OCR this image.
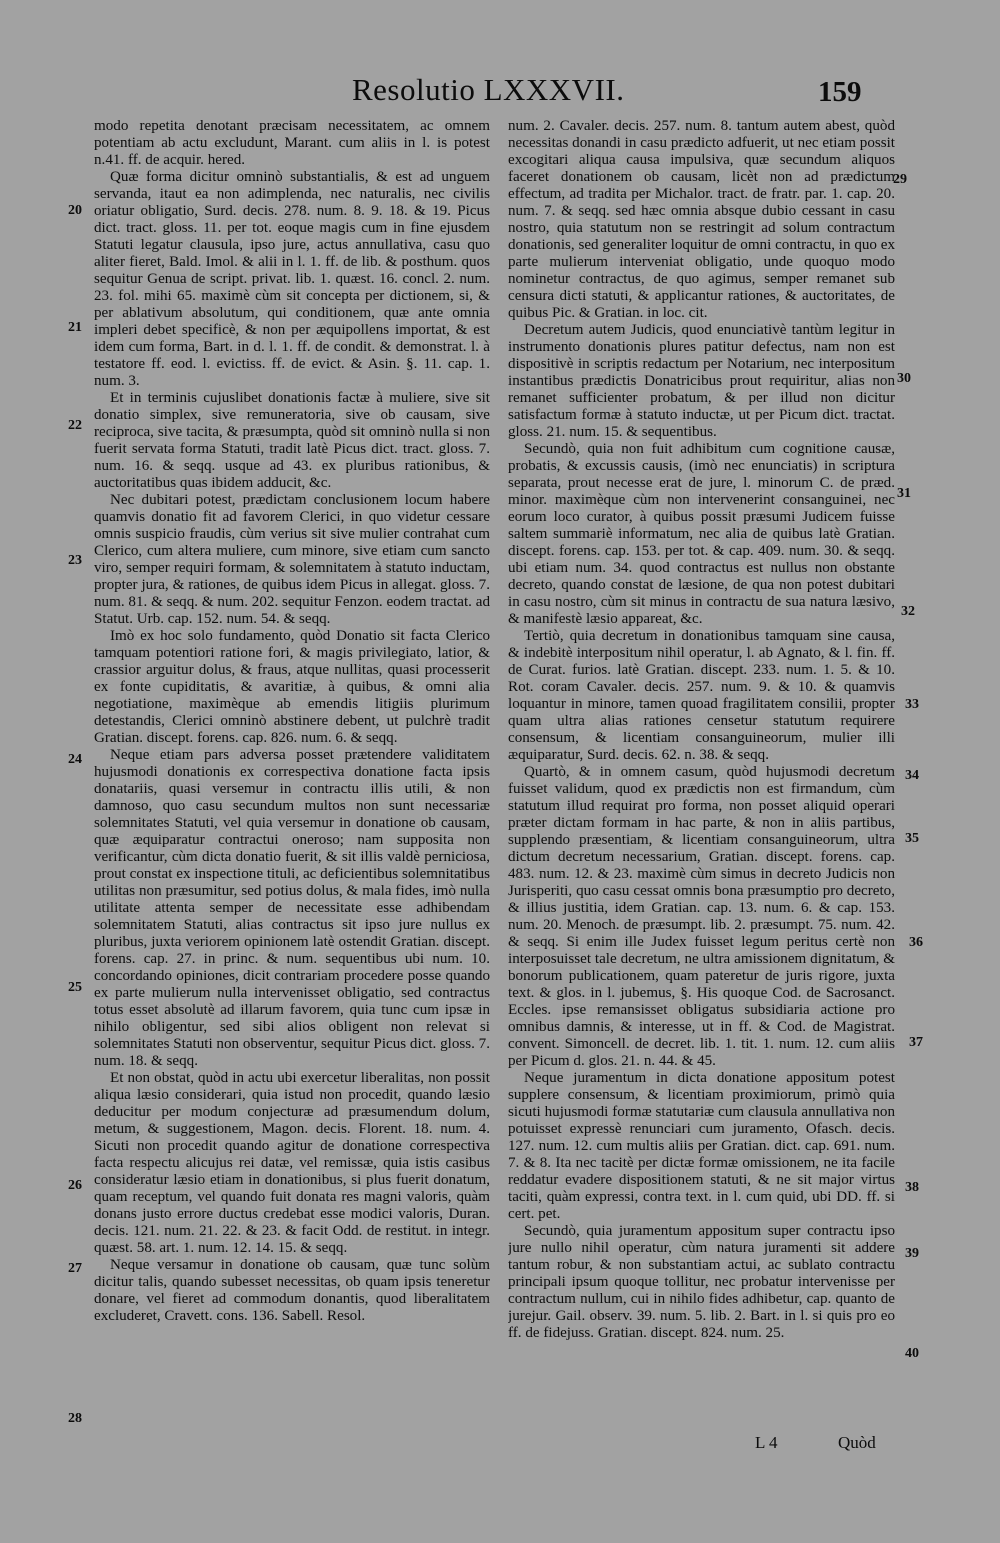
Resolutio LXXXVII.	159

modo repetita denotant præcisam necessitatem, ac omnem potentiam ab actu excludunt, Marant. cum aliis in l. is potest n.41. ff. de acquir. hered.

Quæ forma dicitur omninò substantialis, & est ad unguem servanda, itaut ea non adimplenda, nec naturalis, nec civilis oriatur obligatio, Surd. decis. 278. num. 8. 9. 18. & 19. Picus dict. tract. gloss. 11. per tot. eoque magis cum in fine ejusdem Statuti legatur clausula, ipso jure, actus annullativa, casu quo aliter fieret, Bald. Imol. & alii in l. 1. ff. de lib. & posthum. quos sequitur Genua de script. privat. lib. 1. quæst. 16. concl. 2. num. 23. fol. mihi 65. maximè cùm sit concepta per dictionem, si, & per ablativum absolutum, qui conditionem, quæ ante omnia impleri debet specificè, & non per æquipollens importat, & est idem cum forma, Bart. in d. l. 1. ff. de condit. & demonstrat. l. à testatore ff. eod. l. evictiss. ff. de evict. & Asin. §. 11. cap. 1. num. 3.

Et in terminis cujuslibet donationis factæ à muliere, sive sit donatio simplex, sive remuneratoria, sive ob causam, sive reciproca, sive tacita, & præsumpta, quòd sit omninò nulla si non fuerit servata forma Statuti, tradit latè Picus dict. tract. gloss. 7. num. 16. & seqq. usque ad 43. ex pluribus rationibus, & auctoritatibus quas ibidem adducit, &c.

Nec dubitari potest, prædictam conclusionem locum habere quamvis donatio fit ad favorem Clerici, in quo videtur cessare omnis suspicio fraudis, cùm verius sit sive mulier contrahat cum Clerico, cum altera muliere, cum minore, sive etiam cum sancto viro, semper requiri formam, & solemnitatem à statuto inductam, propter jura, & rationes, de quibus idem Picus in allegat. gloss. 7. num. 81. & seqq. & num. 202. sequitur Fenzon. eodem tractat. ad Statut. Urb. cap. 152. num. 54. & seqq.

Imò ex hoc solo fundamento, quòd Donatio sit facta Clerico tamquam potentiori ratione fori, & magis privilegiato, latior, & crassior arguitur dolus, & fraus, atque nullitas, quasi processerit ex fonte cupiditatis, & avaritiæ, à quibus, & omni alia negotiatione, maximèque ab emendis litigiis plurimum detestandis, Clerici omninò abstinere debent, ut pulchrè tradit Gratian. discept. forens. cap. 826. num. 6. & seqq.

Neque etiam pars adversa posset prætendere validitatem hujusmodi donationis ex correspectiva donatione facta ipsis donatariis, quasi versemur in contractu illis utili, & non damnoso, quo casu secundum multos non sunt necessariæ solemnitates Statuti, vel quia versemur in donatione ob causam, quæ æquiparatur contractui oneroso; nam supposita non verificantur, cùm dicta donatio fuerit, & sit illis valdè perniciosa, prout constat ex inspectione tituli, ac deficientibus solemnitatibus utilitas non præsumitur, sed potius dolus, & mala fides, imò nulla utilitate attenta semper de necessitate esse adhibendam solemnitatem Statuti, alias contractus sit ipso jure nullus ex pluribus, juxta veriorem opinionem latè ostendit Gratian. discept. forens. cap. 27. in princ. & num. sequentibus ubi num. 10. concordando opiniones, dicit contrariam procedere posse quando ex parte mulierum nulla intervenisset obligatio, sed contractus totus esset absolutè ad illarum favorem, quia tunc cum ipsæ in nihilo obligentur, sed sibi alios obligent non relevat si solemnitates Statuti non observentur, sequitur Picus dict. gloss. 7. num. 18. & seqq.

Et non obstat, quòd in actu ubi exercetur liberalitas, non possit aliqua læsio considerari, quia istud non procedit, quando læsio deducitur per modum conjecturæ ad præsumendum dolum, metum, & suggestionem, Magon. decis. Florent. 18. num. 4. Sicuti non procedit quando agitur de donatione correspectiva facta respectu alicujus rei datæ, vel remissæ, quia istis casibus consideratur læsio etiam in donationibus, si plus fuerit donatum, quam receptum, vel quando fuit donata res magni valoris, quàm donans justo errore ductus credebat esse modici valoris, Duran. decis. 121. num. 21. 22. & 23. & facit Odd. de restitut. in integr. quæst. 58. art. 1. num. 12. 14. 15. & seqq.

Neque versamur in donatione ob causam, quæ tunc solùm dicitur talis, quando subesset necessitas, ob quam ipsis teneretur donare, vel fieret ad commodum donantis, quod liberalitatem excluderet, Cravett. cons. 136. Sabell. Resol.

num. 2. Cavaler. decis. 257. num. 8. tantum autem abest, quòd necessitas donandi in casu prædicto adfuerit, ut nec etiam possit excogitari aliqua causa impulsiva, quæ secundum aliquos faceret donationem ob causam, licèt non ad prædictum effectum, ad tradita per Michalor. tract. de fratr. par. 1. cap. 20. num. 7. & seqq. sed hæc omnia absque dubio cessant in casu nostro, quia statutum non se restringit ad solum contractum donationis, sed generaliter loquitur de omni contractu, in quo ex parte mulierum interveniat obligatio, unde quoquo modo nominetur contractus, de quo agimus, semper remanet sub censura dicti statuti, & applicantur rationes, & auctoritates, de quibus Pic. & Gratian. in loc. cit.

Decretum autem Judicis, quod enunciativè tantùm legitur in instrumento donationis plures patitur defectus, nam non est dispositivè in scriptis redactum per Notarium, nec interpositum instantibus prædictis Donatricibus prout requiritur, alias non remanet sufficienter probatum, & per illud non dicitur satisfactum formæ à statuto inductæ, ut per Picum dict. tractat. gloss. 21. num. 15. & sequentibus.

Secundò, quia non fuit adhibitum cum cognitione causæ, probatis, & excussis causis, (imò nec enunciatis) in scriptura separata, prout necesse erat de jure, l. minorum C. de præd. minor. maximèque cùm non intervenerint consanguinei, nec eorum loco curator, à quibus possit præsumi Judicem fuisse saltem summariè informatum, nec alia de quibus latè Gratian. discept. forens. cap. 153. per tot. & cap. 409. num. 30. & seqq. ubi etiam num. 34. quod contractus est nullus non obstante decreto, quando constat de læsione, de qua non potest dubitari in casu nostro, cùm sit minus in contractu de sua natura læsivo, & manifestè læsio appareat, &c.

Tertiò, quia decretum in donationibus tamquam sine causa, & indebitè interpositum nihil operatur, l. ab Agnato, & l. fin. ff. de Curat. furios. latè Gratian. discept. 233. num. 1. 5. & 10. Rot. coram Cavaler. decis. 257. num. 9. & 10. & quamvis loquantur in minore, tamen quoad fragilitatem consilii, propter quam ultra alias rationes censetur statutum requirere consensum, & licentiam consanguineorum, mulier illi æquiparatur, Surd. decis. 62. n. 38. & seqq.

Quartò, & in omnem casum, quòd hujusmodi decretum fuisset validum, quod ex prædictis non est firmandum, cùm statutum illud requirat pro forma, non posset aliquid operari præter dictam formam in hac parte, & non in aliis partibus, supplendo præsentiam, & licentiam consanguineorum, ultra dictum decretum necessarium, Gratian. discept. forens. cap. 483. num. 12. & 23. maximè cùm simus in decreto Judicis non Jurisperiti, quo casu cessat omnis bona præsumptio pro decreto, & illius justitia, idem Gratian. cap. 13. num. 6. & cap. 153. num. 20. Menoch. de præsumpt. lib. 2. præsumpt. 75. num. 42. & seqq. Si enim ille Judex fuisset legum peritus certè non interposuisset tale decretum, ne ultra amissionem dignitatum, & bonorum publicationem, quam pateretur de juris rigore, juxta text. & glos. in l. jubemus, §. His quoque Cod. de Sacrosanct. Eccles. ipse remansisset obligatus subsidiaria actione pro omnibus damnis, & interesse, ut in ff. & Cod. de Magistrat. convent. Simoncell. de decret. lib. 1. tit. 1. num. 12. cum aliis per Picum d. glos. 21. n. 44. & 45.

Neque juramentum in dicta donatione appositum potest supplere consensum, & licentiam proximiorum, primò quia sicuti hujusmodi formæ statutariæ cum clausula annullativa non potuisset expressè renunciari cum juramento, Ofasch. decis. 127. num. 12. cum multis aliis per Gratian. dict. cap. 691. num. 7. & 8. Ita nec tacitè per dictæ formæ omissionem, ne ita facile reddatur evadere dispositionem statuti, & ne sit major virtus taciti, quàm expressi, contra text. in l. cum quid, ubi DD. ff. si cert. pet.

Secundò, quia juramentum appositum super contractu ipso jure nullo nihil operatur, cùm natura juramenti sit addere tantum robur, & non substantiam actui, ac sublato contractu principali ipsum quoque tollitur, nec probatur intervenisse per contractum nullum, cui in nihilo fides adhibetur, cap. quanto de jurejur. Gail. observ. 39. num. 5. lib. 2. Bart. in l. si quis pro eo ff. de fidejuss. Gratian. discept. 824. num. 25.

20
21
22
23
24
25
26
27
28
29
30
31
32
33
34
35
36
37
38
39
40
L 4	Quòd
